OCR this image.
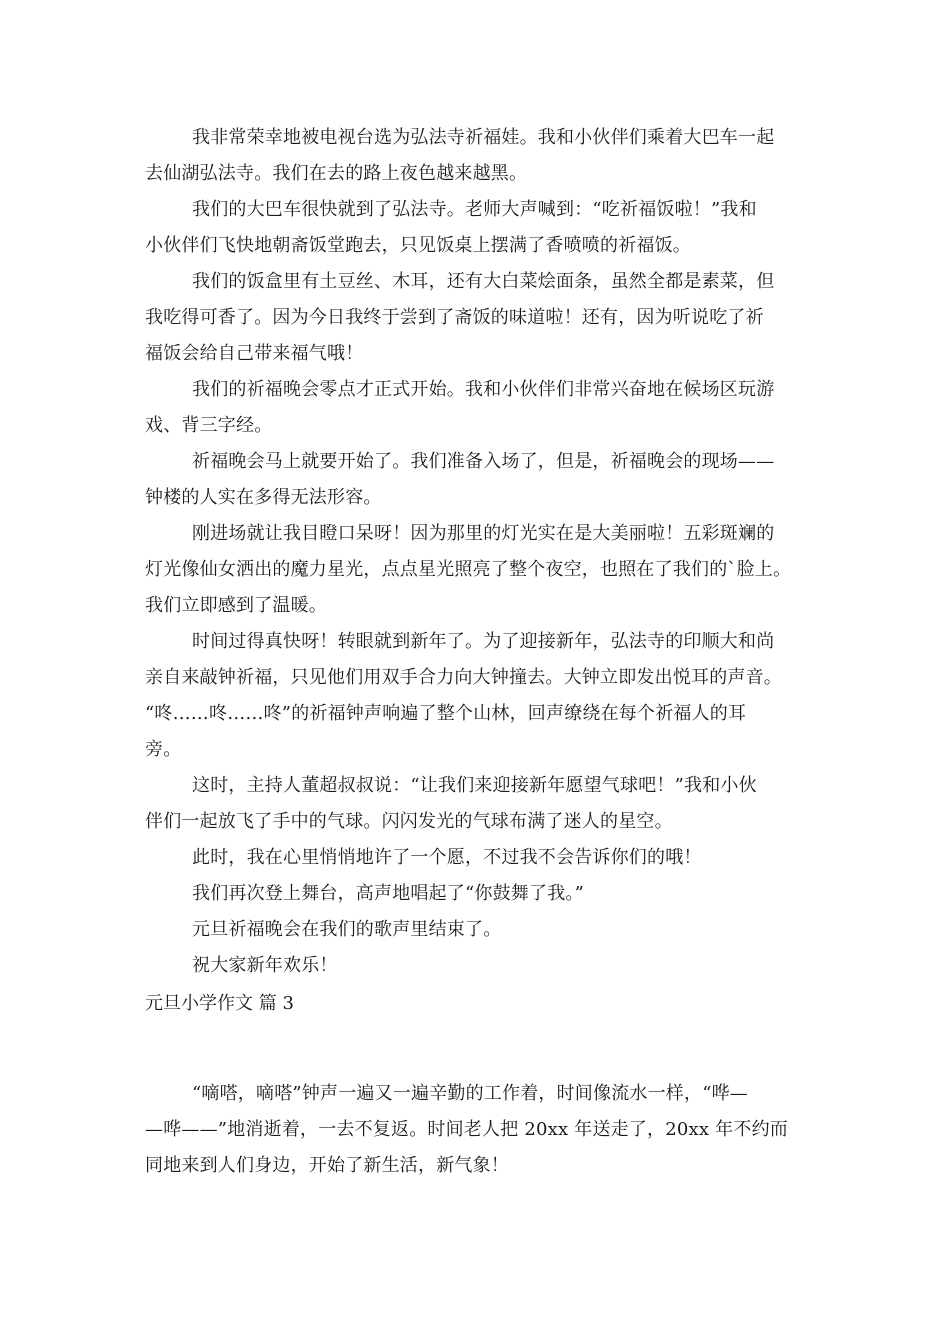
我非常荣幸地被电视台选为弘法寺祈福娃。我和小伙伴们乘着大巴车一起
去仙湖弘法寺。我们在去的路上夜色越来越黑。
我们的大巴车很快就到了弘法寺。老师大声喊到：“吃祈福饭啦！”我和
小伙伴们飞快地朝斋饭堂跑去，只见饭桌上摆满了香喷喷的祈福饭。
我们的饭盒里有土豆丝、木耳，还有大白菜烩面条，虽然全都是素菜，但
我吃得可香了。因为今日我终于尝到了斋饭的味道啦！还有，因为听说吃了祈
福饭会给自己带来福气哦！
我们的祈福晚会零点才正式开始。我和小伙伴们非常兴奋地在候场区玩游
戏、背三字经。
祈福晚会马上就要开始了。我们准备入场了，但是，祈福晚会的现场——
钟楼的人实在多得无法形容。
刚进场就让我目瞪口呆呀！因为那里的灯光实在是大美丽啦！五彩斑斓的
灯光像仙女洒出的魔力星光，点点星光照亮了整个夜空，也照在了我们的`脸上。
我们立即感到了温暖。
时间过得真快呀！转眼就到新年了。为了迎接新年，弘法寺的印顺大和尚
亲自来敲钟祈福，只见他们用双手合力向大钟撞去。大钟立即发出悦耳的声音。
“咚……咚……咚”的祈福钟声响遍了整个山林，回声缭绕在每个祈福人的耳
旁。
这时，主持人董超叔叔说：“让我们来迎接新年愿望气球吧！”我和小伙
伴们一起放飞了手中的气球。闪闪发光的气球布满了迷人的星空。
此时，我在心里悄悄地许了一个愿，不过我不会告诉你们的哦！
我们再次登上舞台，高声地唱起了“你鼓舞了我。”
元旦祈福晚会在我们的歌声里结束了。
祝大家新年欢乐！
元旦小学作文 篇 3
“嘀嗒，嘀嗒”钟声一遍又一遍辛勤的工作着，时间像流水一样，“哗—
—哗——”地消逝着，一去不复返。时间老人把 20xx 年送走了，20xx 年不约而
同地来到人们身边，开始了新生活，新气象！
